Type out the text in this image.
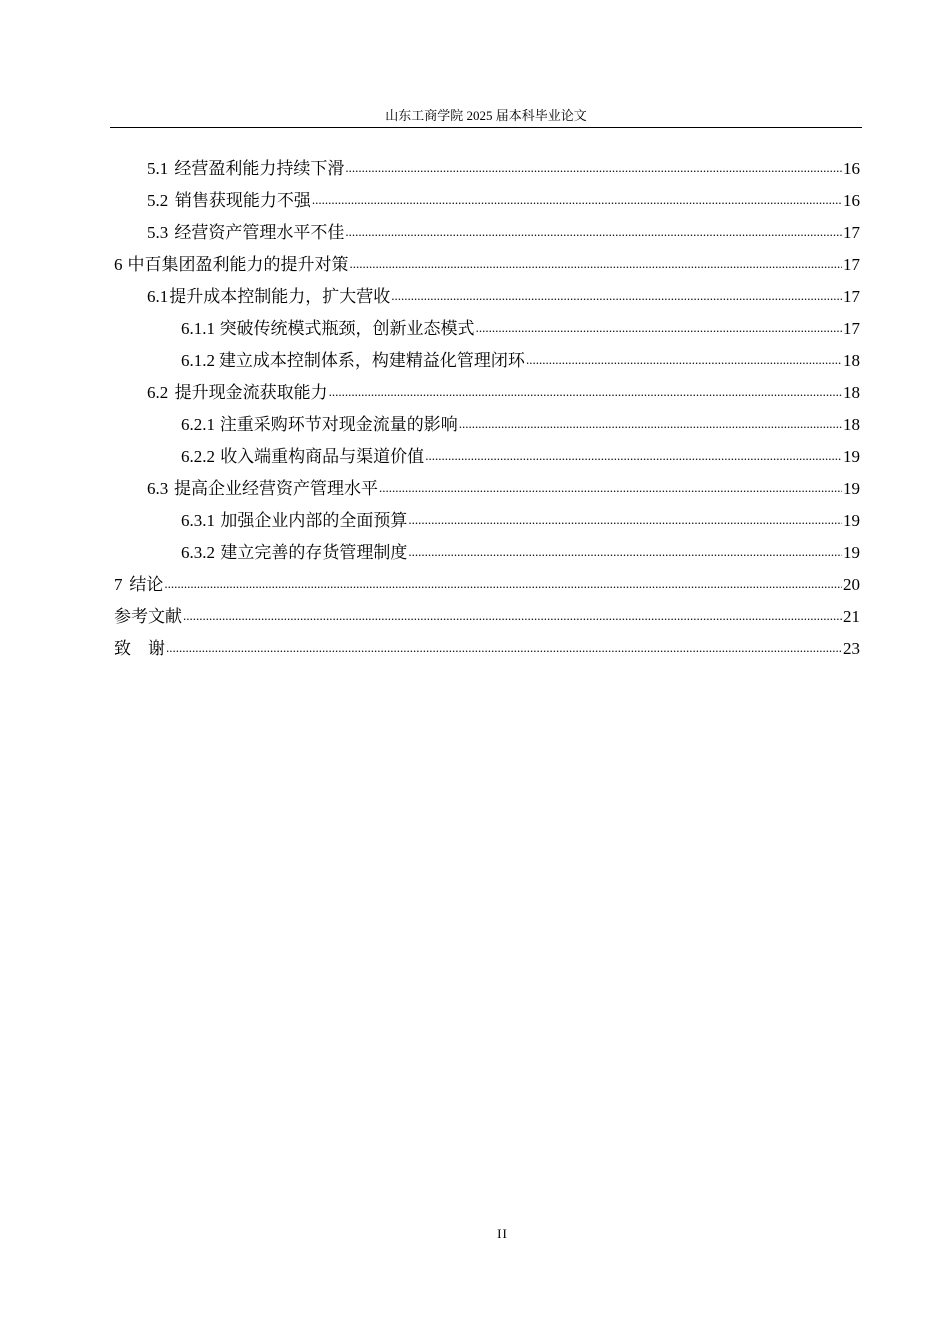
山东工商学院 2025 届本科毕业论文
5.1 经营盈利能力持续下滑 .....	16
5.2 销售获现能力不强 .....	16
5.3 经营资产管理水平不佳 .....	17
6 中百集团盈利能力的提升对策 .....	17
6.1 提升成本控制能力，扩大营收 .....	17
6.1.1 突破传统模式瓶颈，创新业态模式 .....	17
6.1.2 建立成本控制体系，构建精益化管理闭环 .....	18
6.2 提升现金流获取能力 .....	18
6.2.1 注重采购环节对现金流量的影响 .....	18
6.2.2 收入端重构商品与渠道价值 .....	19
6.3 提高企业经营资产管理水平 .....	19
6.3.1 加强企业内部的全面预算 .....	19
6.3.2 建立完善的存货管理制度 .....	19
7 结论 .....	20
参考文献 .....	21
致　谢 .....	23
II
